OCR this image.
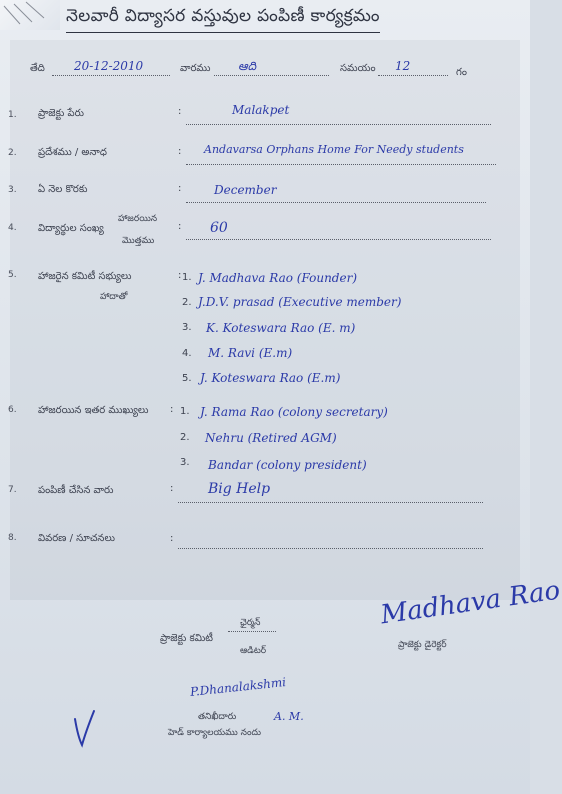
నెలవారీ విద్యాసర వస్తువుల పంపిణీ కార్యక్రమం
తేది 20-12-2010	వారము ఆది	సమయం 12	గం
1. ప్రాజెక్టు పేరు	:	Malakpet
2. ప్రదేశము / అనాధ	: Andavarsa Orphans Home For Needy students
3. ఏ నెల కొరకు	:	December
4. విద్యార్థుల సంఖ్య
హాజరయిన
మొత్తము
: 60
5. హాజరైన కమిటీ సభ్యులు
హాదాతో
: 1. J. Madhava Rao (Founder)
2. J.D.V. prasad (Executive member)
3. K. Koteswara Rao (E. m)
4. M. Ravi (E.m)
5. J. Koteswara Rao (E.m)
6. హాజరయిన ఇతర ముఖ్యులు : 1. J. Rama Rao (colony secretary)
2. Nehru (Retired AGM)
3. Bandar (colony president)
7. పంపిణీ చేసిన వారు	: Big Help
8. వివరణ / సూచనలు	:
Madhava Rao
ప్రాజెక్టు డైరెక్టర్
ప్రాజెక్టు కమిటీ
ఛైర్మన్
ఆడిటర్
P.Dhanalakshmi
తనిఖీదారు	A. M.
హెడ్ కార్యాలయము నందు
